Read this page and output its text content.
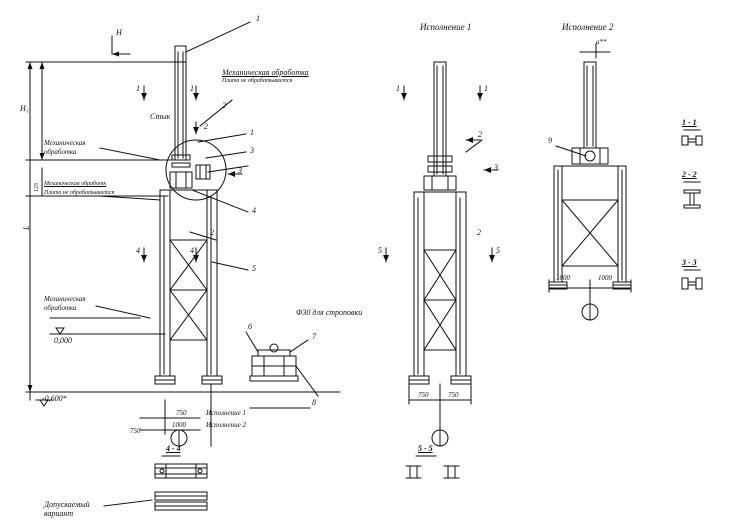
1
2
2
1
3
4
2
5
6
7
8
9
2
2
1	1
3
4	4
1	1
5	5
3
Механическая обработка
Плита не обрабатывается
Стык
Механическая
обработка
Механическая обработк
Плита не обрабатывается
Механическая
обработка	Ф30 для строповки
Допускаемый
вариант
Исполнение 1	Исполнение 2
H
H₁
L
125
0,000
-0,600*
750
1000
750
750	750
1000	1000
a**
Исполнение 1
Исполнение 2
1 - 1
2 - 2
3 - 3
4 - 4	5 - 5
